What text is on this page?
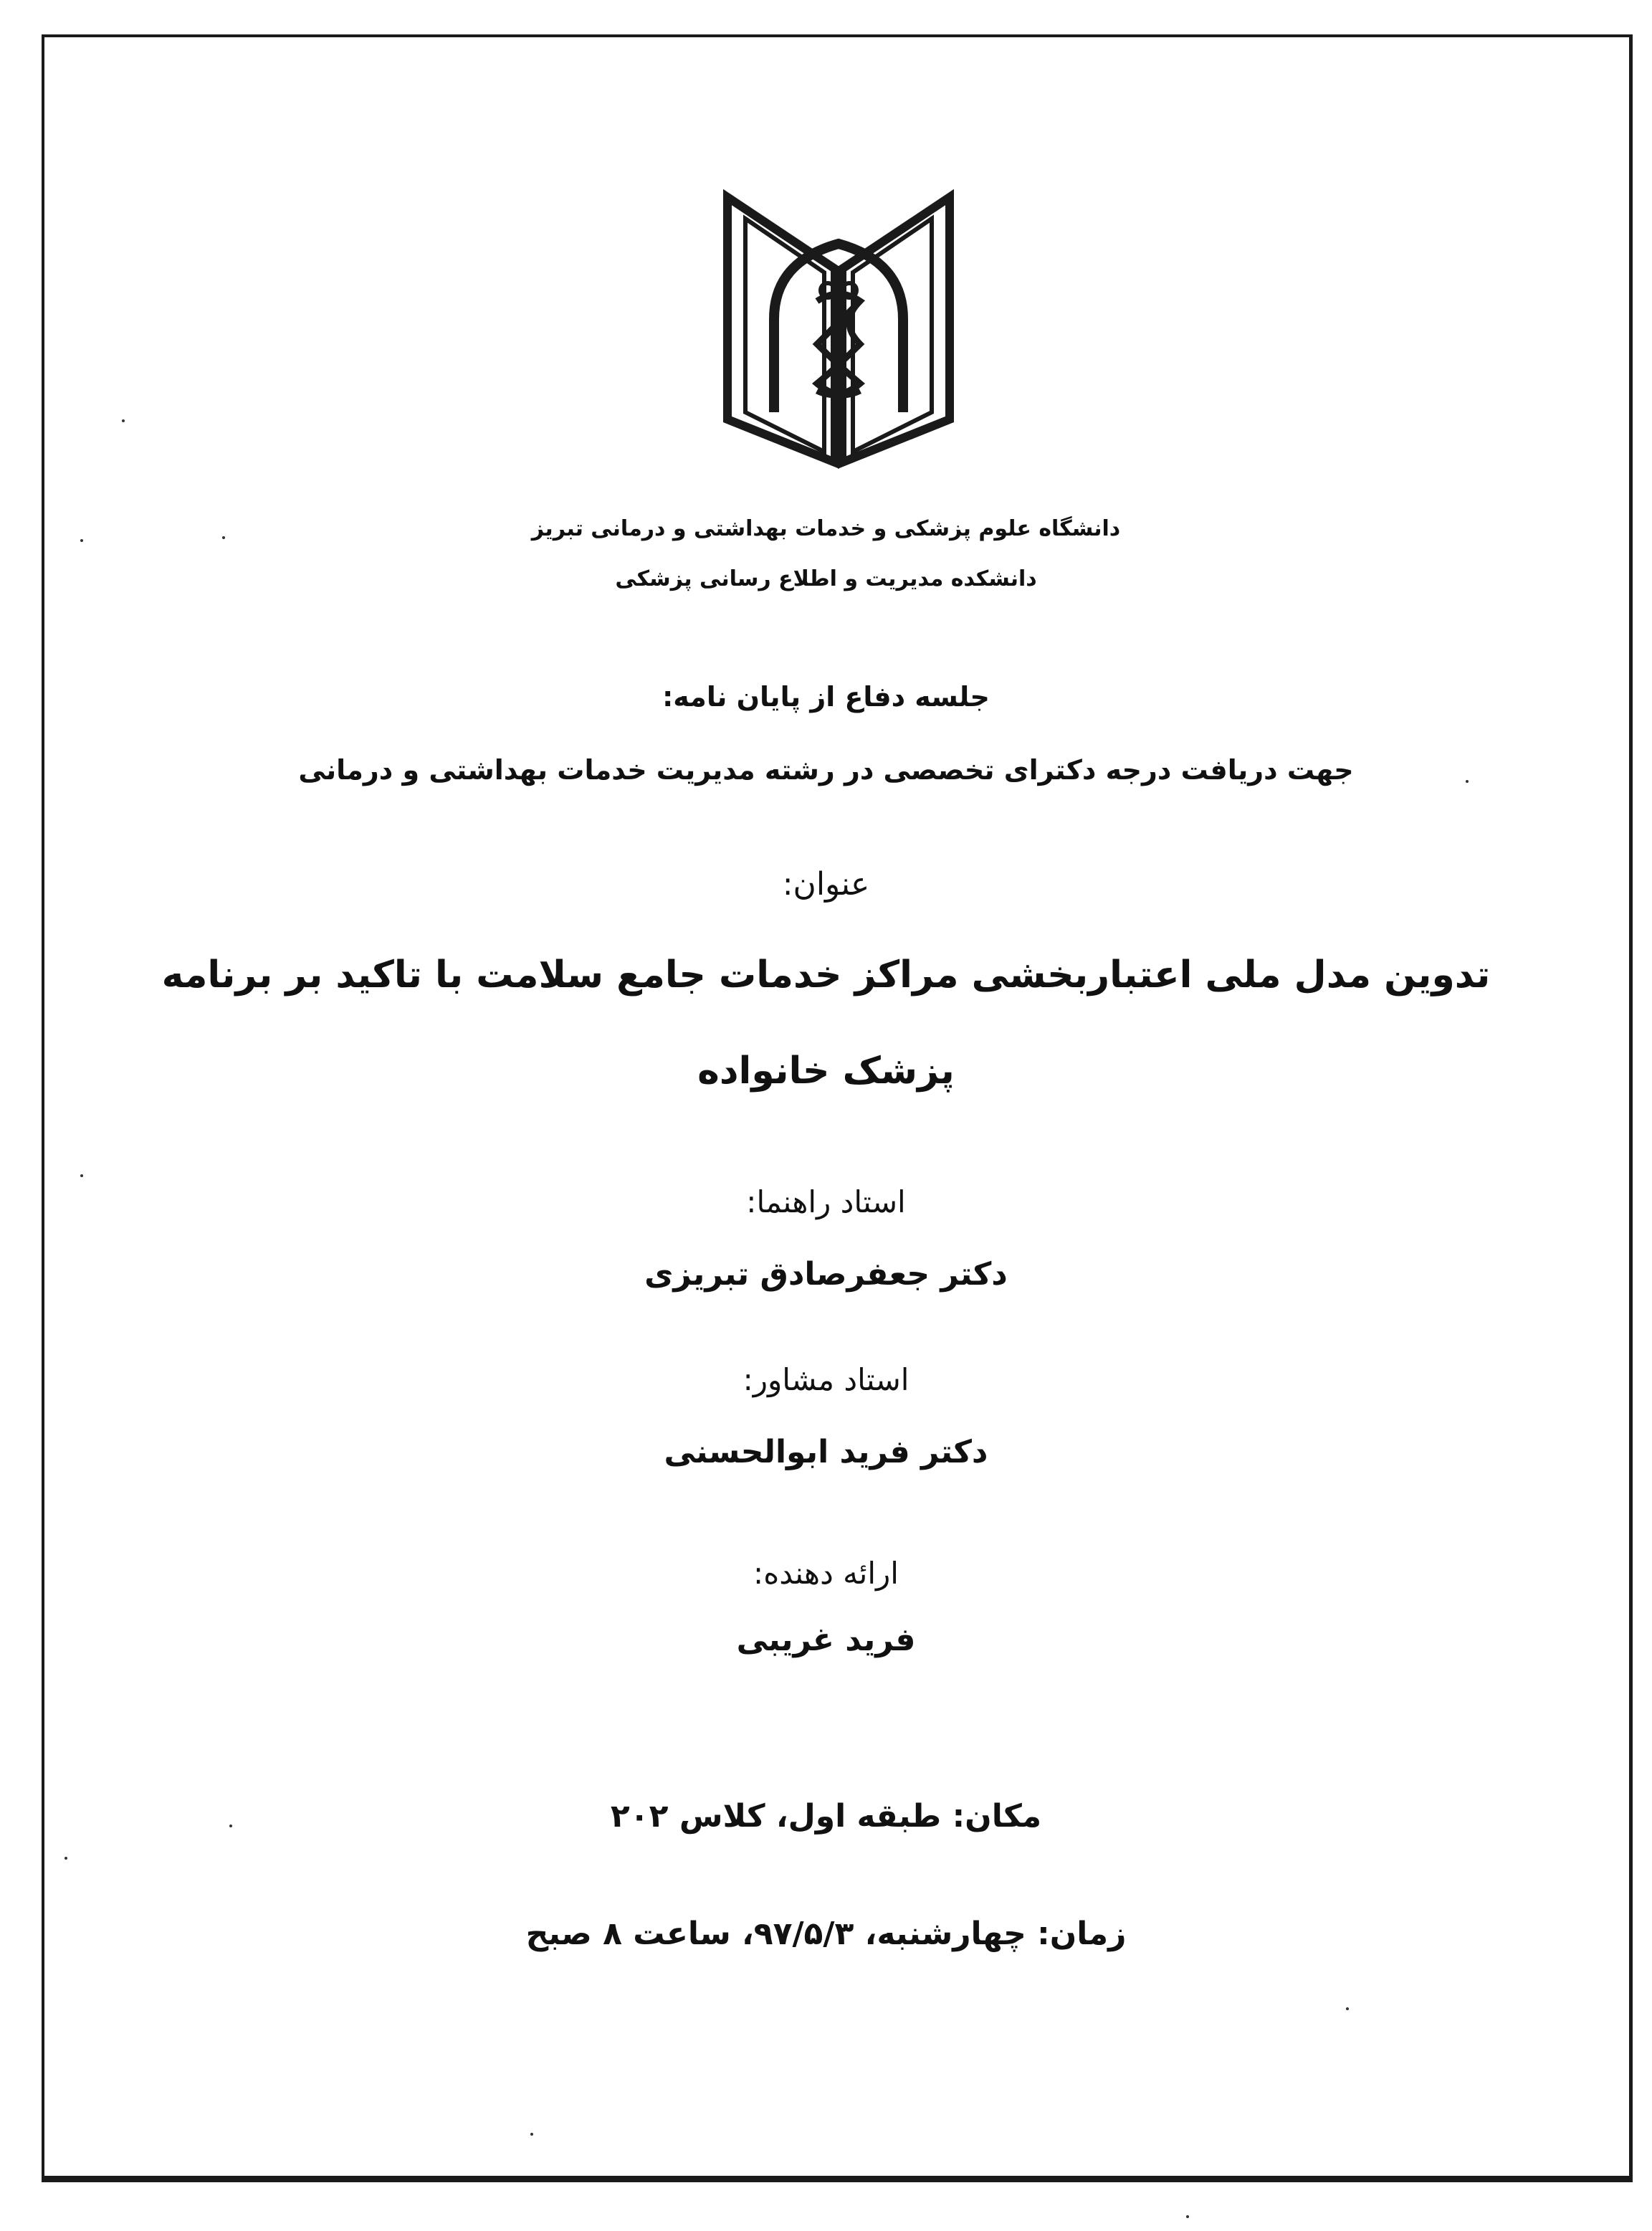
دانشگاه علوم پزشکی و خدمات بهداشتی و درمانی تبریز
دانشکده مدیریت و اطلاع رسانی پزشکی
جلسه دفاع از پایان نامه:
جهت دریافت درجه دکترای تخصصی در رشته مدیریت خدمات بهداشتی و درمانی
عنوان:
تدوین مدل ملی اعتباربخشی مراکز خدمات جامع سلامت با تاکید بر برنامه
پزشک خانواده
استاد راهنما:
دکتر جعفرصادق تبریزی
استاد مشاور:
دکتر فرید ابوالحسنی
ارائه دهنده:
فرید غریبی
مکان: طبقه اول، کلاس ۲۰۲
زمان: چهارشنبه، ۹۷/۵/۳، ساعت ۸ صبح
